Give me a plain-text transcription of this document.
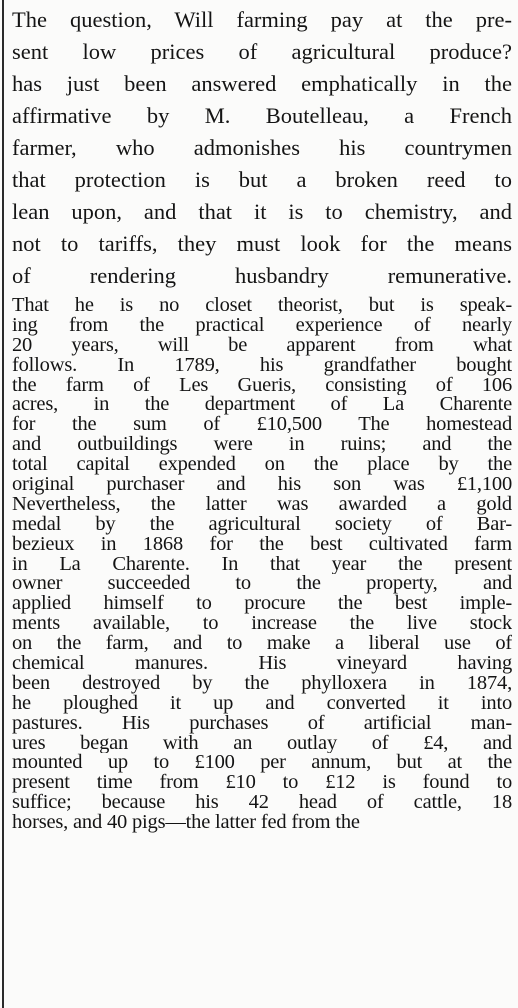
The question, Will farming pay at the pre-
sent low prices of agricultural produce?
has just been answered emphatically in the
affirmative by M. Boutelleau, a French
farmer, who admonishes his countrymen
that protection is but a broken reed to
lean upon, and that it is to chemistry, and
not to tariffs, they must look for the means
of rendering husbandry remunerative.
That he is no closet theorist, but is speak-
ing from the practical experience of nearly
20 years, will be apparent from what
follows. In 1789, his grandfather bought
the farm of Les Gueris, consisting of 106
acres, in the department of La Charente
for the sum of £10,500 The homestead
and outbuildings were in ruins; and the
total capital expended on the place by the
original purchaser and his son was £1,100
Nevertheless, the latter was awarded a gold
medal by the agricultural society of Bar-
bezieux in 1868 for the best cultivated farm
in La Charente. In that year the present
owner succeeded to the property, and
applied himself to procure the best imple-
ments available, to increase the live stock
on the farm, and to make a liberal use of
chemical manures. His vineyard having
been destroyed by the phylloxera in 1874,
he ploughed it up and converted it into
pastures. His purchases of artificial man-
ures began with an outlay of £4, and
mounted up to £100 per annum, but at the
present time from £10 to £12 is found to
suffice; because his 42 head of cattle, 18
horses, and 40 pigs—the latter fed from the
